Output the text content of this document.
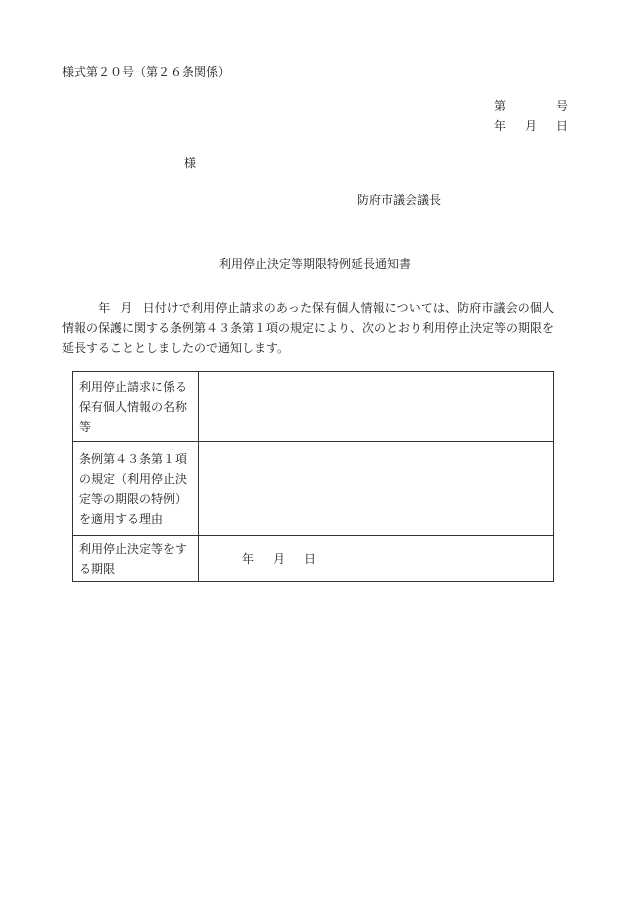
様式第２０号（第２６条関係）
第	号
年 月 日
様
防府市議会議長
利用停止決定等期限特例延長通知書
年 月 日付けで利用停止請求のあった保有個人情報については、防府市議会の個人情報の保護に関する条例第４３条第１項の規定により、次のとおり利用停止決定等の期限を延長することとしましたので通知します。
利用停止請求に係る保有個人情報の名称等	
条例第４３条第１項の規定（利用停止決定等の期限の特例）を適用する理由	
利用停止決定等をする期限	年 月 日
